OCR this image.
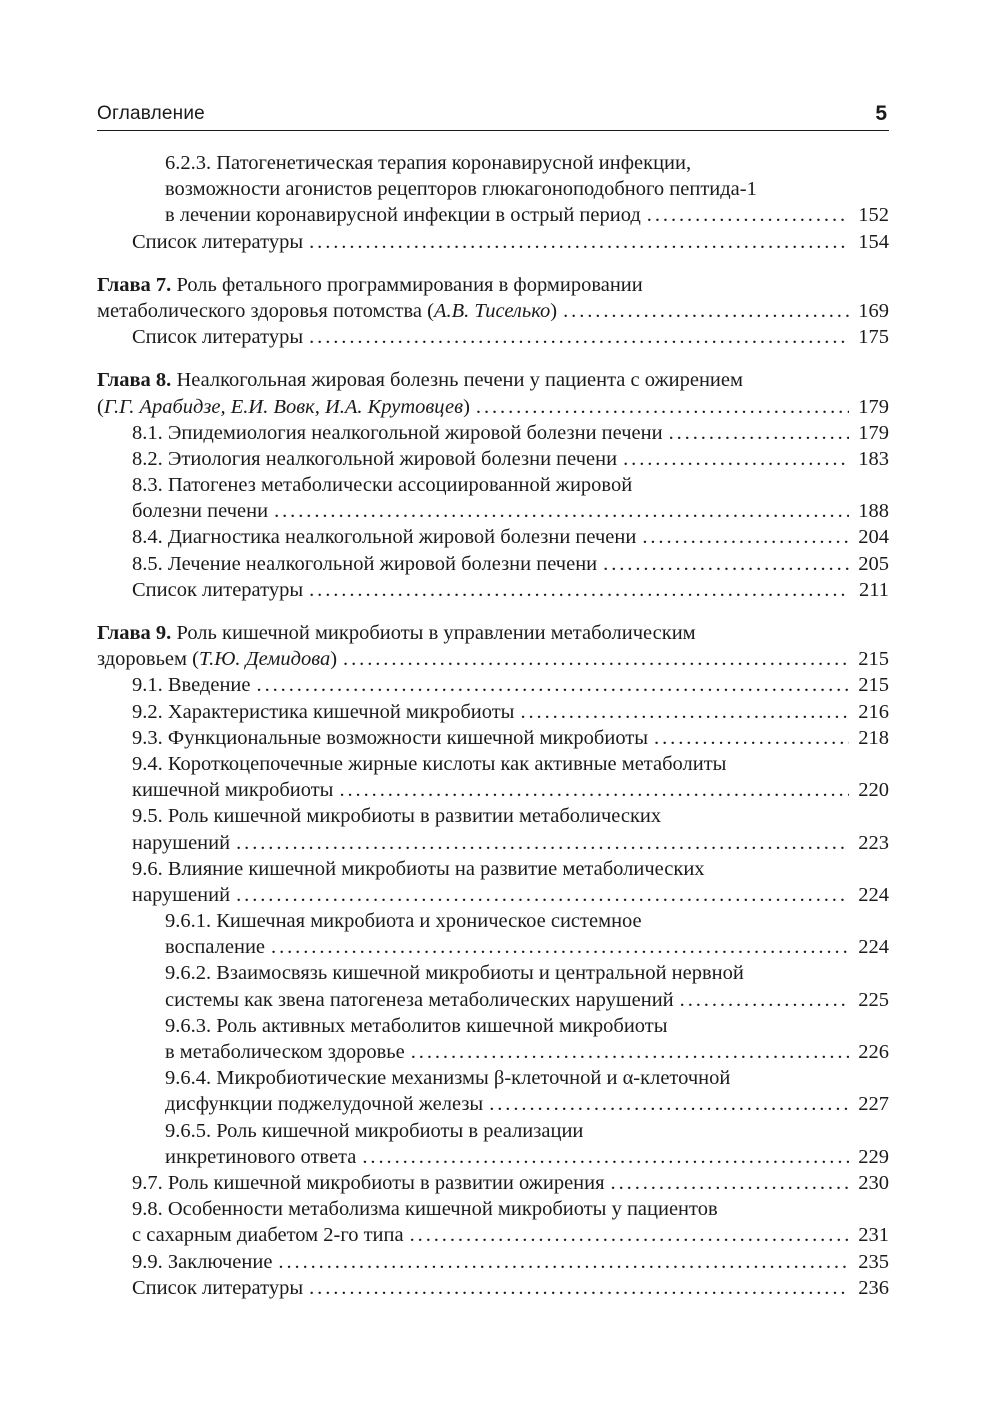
Оглавление	5
6.2.3. Патогенетическая терапия коронавирусной инфекции,
возможности агонистов рецепторов глюкагоноподобного пептида-1
в лечении коронавирусной инфекции в острый период . . .	152
Список литературы . . .	154
Глава 7. Роль фетального программирования в формировании
метаболического здоровья потомства (А.В. Тиселько) . . .	169
Список литературы . . .	175
Глава 8. Неалкогольная жировая болезнь печени у пациента с ожирением
(Г.Г. Арабидзе, Е.И. Вовк, И.А. Крутовцев) . . .	179
8.1. Эпидемиология неалкогольной жировой болезни печени . . .	179
8.2. Этиология неалкогольной жировой болезни печени . . .	183
8.3. Патогенез метаболически ассоциированной жировой
болезни печени . . .	188
8.4. Диагностика неалкогольной жировой болезни печени . . .	204
8.5. Лечение неалкогольной жировой болезни печени . . .	205
Список литературы . . .	211
Глава 9. Роль кишечной микробиоты в управлении метаболическим
здоровьем (Т.Ю. Демидова) . . .	215
9.1. Введение . . .	215
9.2. Характеристика кишечной микробиоты . . .	216
9.3. Функциональные возможности кишечной микробиоты . . .	218
9.4. Короткоцепочечные жирные кислоты как активные метаболиты
кишечной микробиоты . . .	220
9.5. Роль кишечной микробиоты в развитии метаболических
нарушений . . .	223
9.6. Влияние кишечной микробиоты на развитие метаболических
нарушений . . .	224
9.6.1. Кишечная микробиота и хроническое системное
воспаление . . .	224
9.6.2. Взаимосвязь кишечной микробиоты и центральной нервной
системы как звена патогенеза метаболических нарушений . . .	225
9.6.3. Роль активных метаболитов кишечной микробиоты
в метаболическом здоровье . . .	226
9.6.4. Микробиотические механизмы β-клеточной и α-клеточной
дисфункции поджелудочной железы . . .	227
9.6.5. Роль кишечной микробиоты в реализации
инкретинового ответа . . .	229
9.7. Роль кишечной микробиоты в развитии ожирения . . .	230
9.8. Особенности метаболизма кишечной микробиоты у пациентов
с сахарным диабетом 2-го типа . . .	231
9.9. Заключение . . .	235
Список литературы . . .	236
